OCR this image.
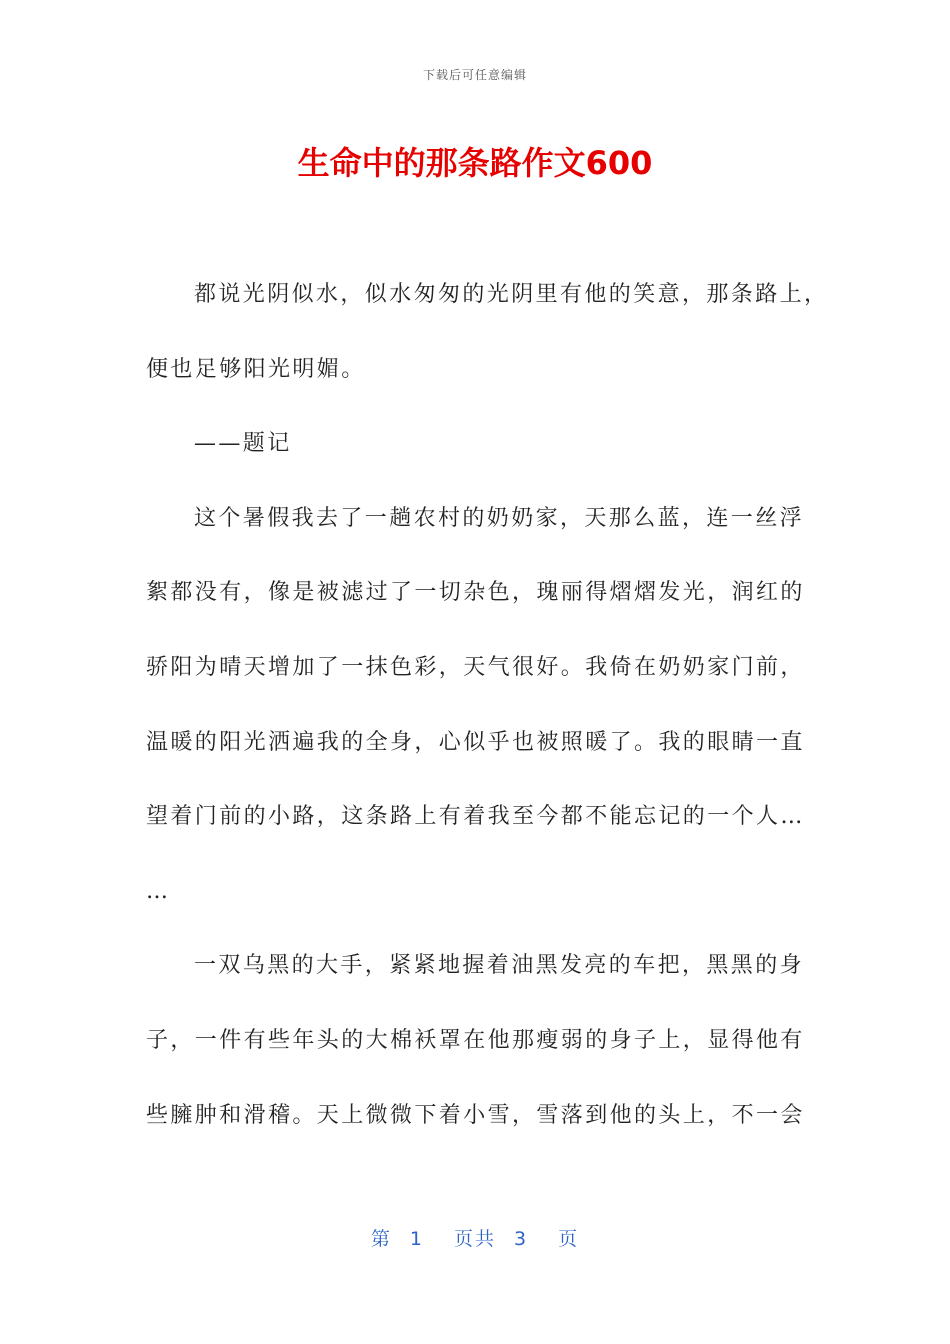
下载后可任意编辑
生命中的那条路作文600
都说光阴似水，似水匆匆的光阴里有他的笑意，那条路上，
便也足够阳光明媚。
——题记
这个暑假我去了一趟农村的奶奶家，天那么蓝，连一丝浮
絮都没有，像是被滤过了一切杂色，瑰丽得熠熠发光，润红的
骄阳为晴天增加了一抹色彩，天气很好。我倚在奶奶家门前，
温暖的阳光洒遍我的全身，心似乎也被照暖了。我的眼睛一直
望着门前的小路，这条路上有着我至今都不能忘记的一个人…
…
一双乌黑的大手，紧紧地握着油黑发亮的车把，黑黑的身
子，一件有些年头的大棉袄罩在他那瘦弱的身子上，显得他有
些臃肿和滑稽。天上微微下着小雪，雪落到他的头上，不一会
第 1 页共 3 页
